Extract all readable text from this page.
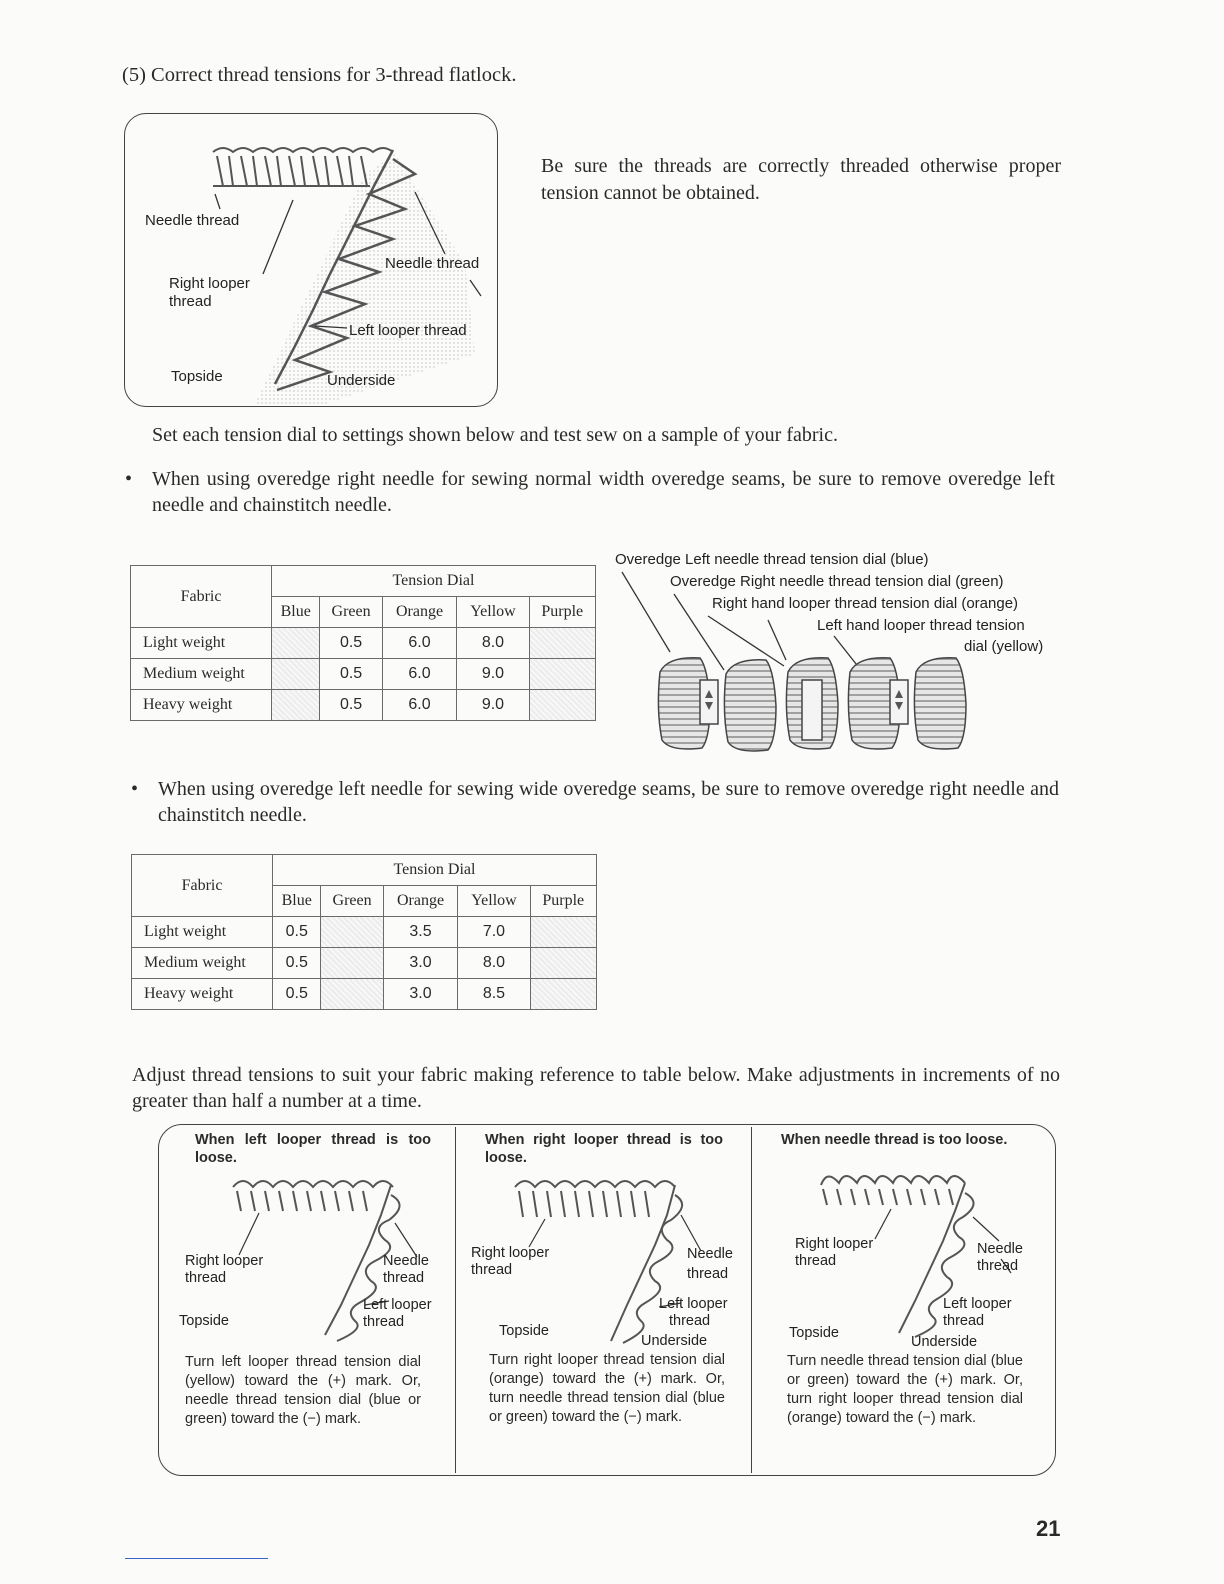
(5) Correct thread tensions for 3-thread flatlock.
Needle thread
Needle thread
Right looper
thread
Left looper thread
Topside	Underside
Be sure the threads are correctly threaded otherwise proper tension cannot be obtained.
Set each tension dial to settings shown below and test sew on a sample of your fabric.
• When using overedge right needle for sewing normal width overedge seams, be sure to remove overedge left needle and chainstitch needle.
Fabric	Tension Dial				
	Blue	Green	Orange	Yellow	Purple
Light weight		0.5	6.0	8.0	
Medium weight		0.5	6.0	9.0	
Heavy weight		0.5	6.0	9.0	
Overedge Left needle thread tension dial (blue)
Overedge Right needle thread tension dial (green)
Right hand looper thread tension dial (orange)
Left hand looper thread tension
dial (yellow)
• When using overedge left needle for sewing wide overedge seams, be sure to remove overedge right needle and chainstitch needle.
Fabric	Tension Dial				
	Blue	Green	Orange	Yellow	Purple
Light weight	0.5		3.5	7.0	
Medium weight	0.5		3.0	8.0	
Heavy weight	0.5		3.0	8.5	
Adjust thread tensions to suit your fabric making reference to table below. Make adjustments in increments of no greater than half a number at a time.
When left looper thread is too loose.
Right looper
thread
Needle
thread
Left looper
thread
Topside
Turn left looper thread tension dial (yellow) toward the (+) mark. Or, needle thread tension dial (blue or green) toward the (−) mark.
When right looper thread is too loose.
Right looper
thread
Needle
thread
Left looper
thread
Topside
Underside
Turn right looper thread tension dial (orange) toward the (+) mark. Or, turn needle thread tension dial (blue or green) toward the (−) mark.
When needle thread is too loose.
Right looper
thread
Needle
thread
Left looper
thread
Topside
Underside
Turn needle thread tension dial (blue or green) toward the (+) mark. Or, turn right looper thread tension dial (orange) toward the (−) mark.
21
